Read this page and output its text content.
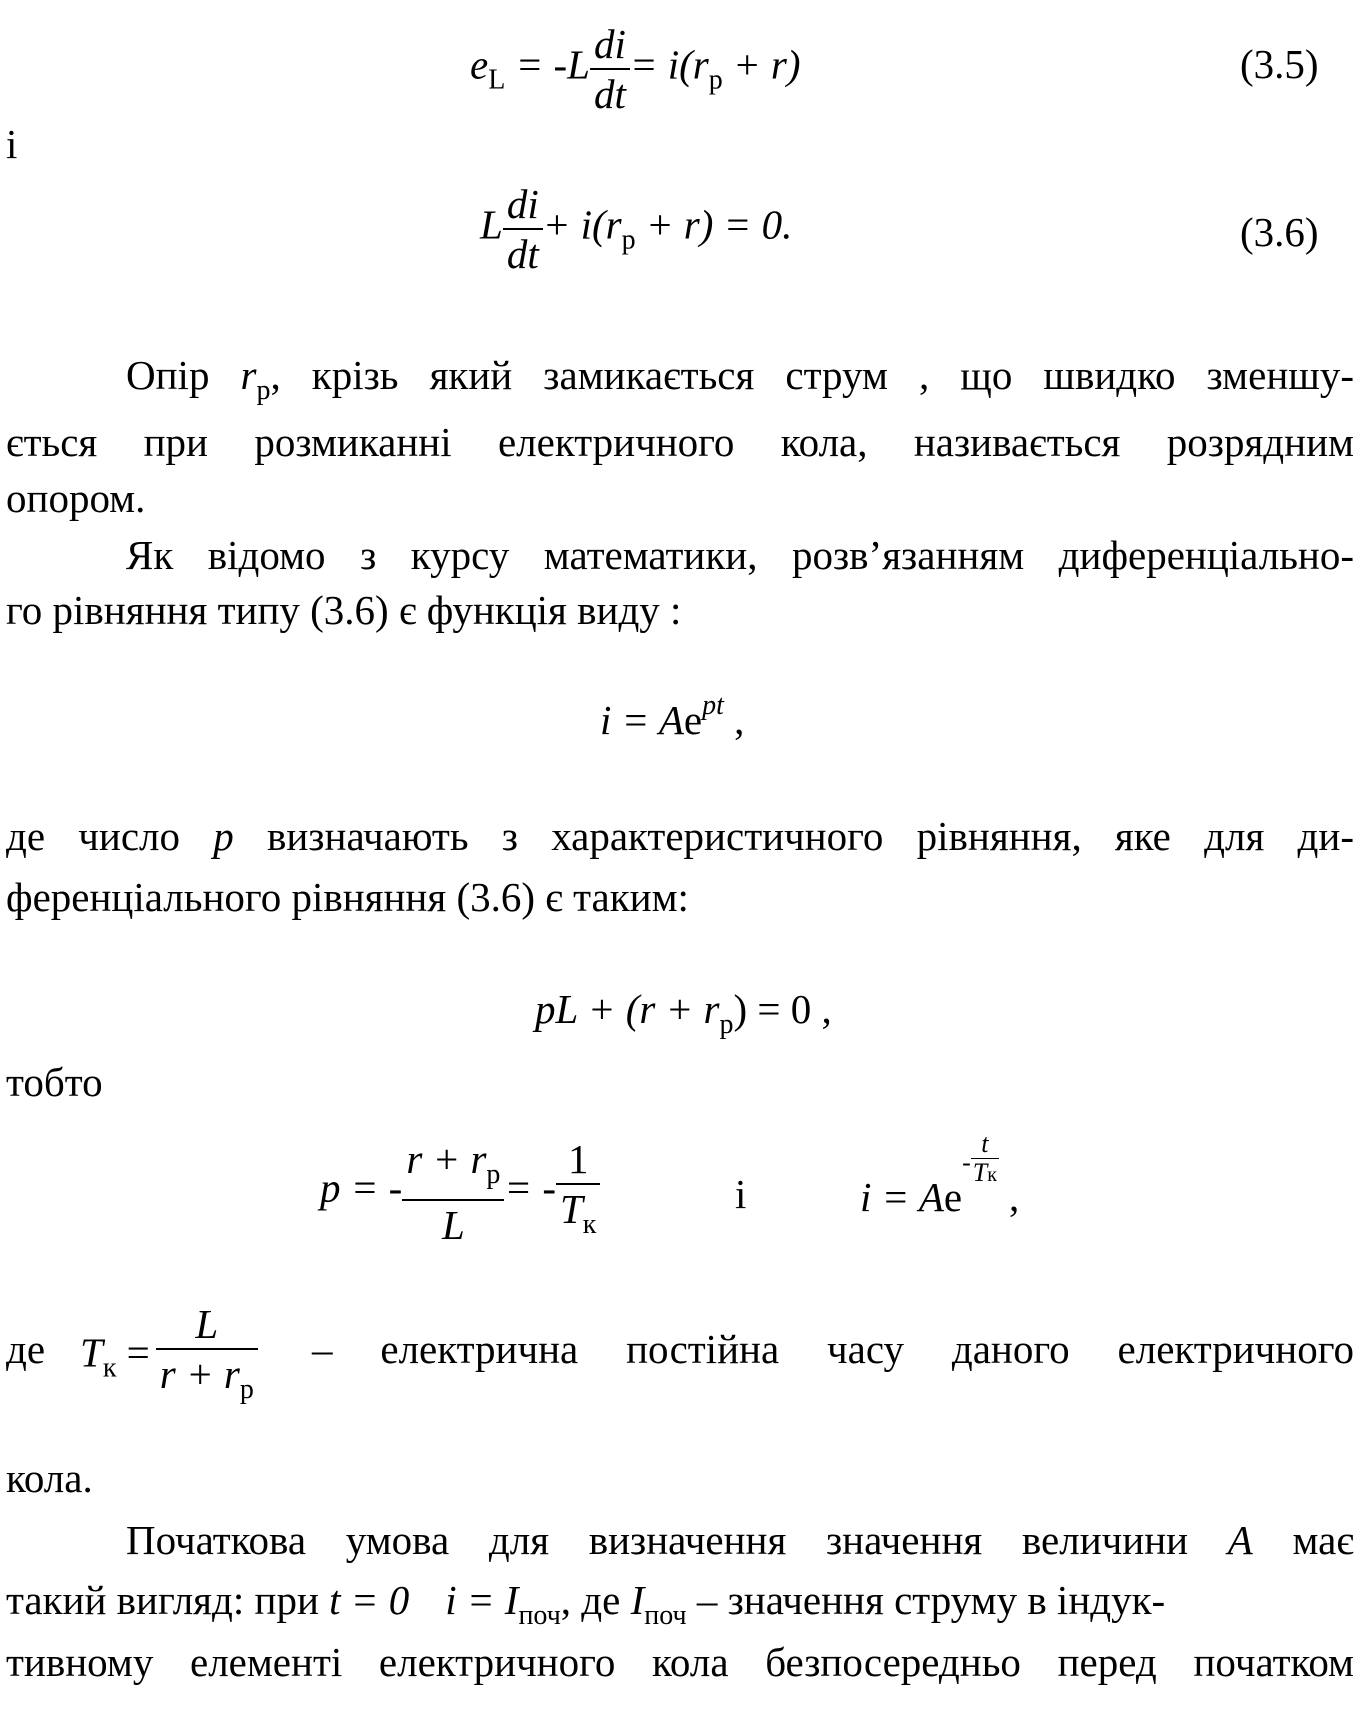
$e_L = -L \frac{di}{dt} = i(r_р + r)$	(3.5)
і
L $\frac{di}{dt} + i(r_р + r) = 0$.	(3.6)
Опір $r_р$, крізь який замикається струм , що швидко зменшу-
ється при розмиканні електричного кола, називається розрядним
опором.
Як відомо з курсу математики, розв’язанням диференціально-
го рівняння типу (3.6) є функція виду :
$i = Ae^{pt}$ ,
де число p визначають з характеристичного рівняння, яке для ди-
ференціального рівняння (3.6) є таким:
pL + $(r + r_р) = 0$ ,
тобто
p = - $\frac{r + r_р}{L}$ = - $\frac{1}{T_к}$	і	$i = Ae^- \frac{t}{Tк}$
,
де $T_к = \frac{L}{r + r_р}$ – електрична постійна часу даного електричного
кола.
Початкова умова для визначення значення величини A має
такий вигляд: при t = 0 $i = I_{поч}$, де $I_{поч}$ – значення струму в індук-
тивному елементі електричного кола безпосередньо перед початком
